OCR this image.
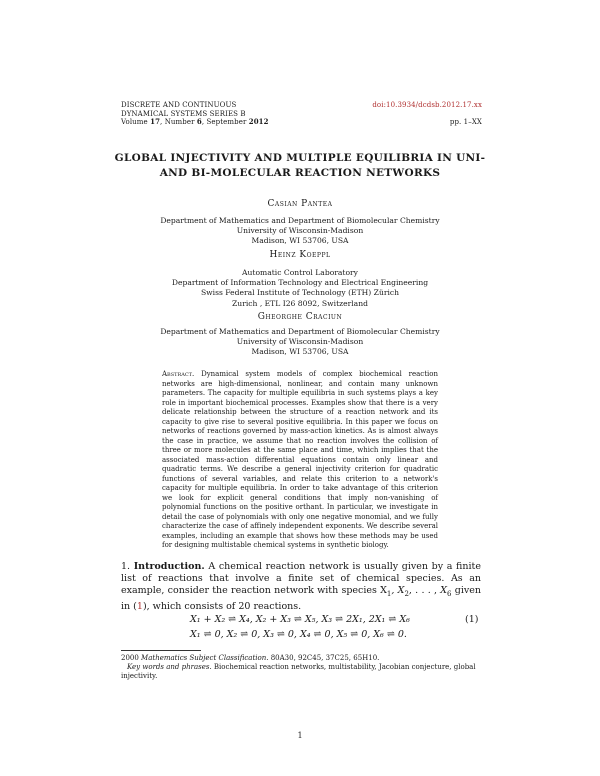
DISCRETE AND CONTINUOUS
DYNAMICAL SYSTEMS SERIES B
Volume 17, Number 6, September 2012
doi:10.3934/dcdsb.2012.17.xx
pp. 1–XX
GLOBAL INJECTIVITY AND MULTIPLE EQUILIBRIA IN UNI-
AND BI-MOLECULAR REACTION NETWORKS
Casian Pantea
Department of Mathematics and Department of Biomolecular Chemistry
University of Wisconsin-Madison
Madison, WI 53706, USA
Heinz Koeppl
Automatic Control Laboratory
Department of Information Technology and Electrical Engineering
Swiss Federal Institute of Technology (ETH) Zürich
Zurich , ETL I26 8092, Switzerland
Gheorghe Craciun
Department of Mathematics and Department of Biomolecular Chemistry
University of Wisconsin-Madison
Madison, WI 53706, USA
Abstract. Dynamical system models of complex biochemical reaction networks are high-dimensional, nonlinear, and contain many unknown parameters. The capacity for multiple equilibria in such systems plays a key role in important biochemical processes. Examples show that there is a very delicate relationship between the structure of a reaction network and its capacity to give rise to several positive equilibria. In this paper we focus on networks of reactions governed by mass-action kinetics. As is almost always the case in practice, we assume that no reaction involves the collision of three or more molecules at the same place and time, which implies that the associated mass-action differential equations contain only linear and quadratic terms. We describe a general injectivity criterion for quadratic functions of several variables, and relate this criterion to a network's capacity for multiple equilibria. In order to take advantage of this criterion we look for explicit general conditions that imply non-vanishing of polynomial functions on the positive orthant. In particular, we investigate in detail the case of polynomials with only one negative monomial, and we fully characterize the case of affinely independent exponents. We describe several examples, including an example that shows how these methods may be used for designing multistable chemical systems in synthetic biology.
1. Introduction. A chemical reaction network is usually given by a finite list of reactions that involve a finite set of chemical species. As an example, consider the reaction network with species $X_1$, $X_2$, . . . , $X_6$ given in (1), which consists of 20 reactions.
X₁ + X₂ ⇌ X₄, X₂ + X₃ ⇌ X₅, X₃ ⇌ 2X₁, 2X₁ ⇌ X₆	(1)
X₁ ⇌ 0, X₂ ⇌ 0, X₃ ⇌ 0, X₄ ⇌ 0, X₅ ⇌ 0, X₆ ⇌ 0.
2000 Mathematics Subject Classification. 80A30, 92C45, 37C25, 65H10.
Key words and phrases. Biochemical reaction networks, multistability, Jacobian conjecture, global injectivity.
1
